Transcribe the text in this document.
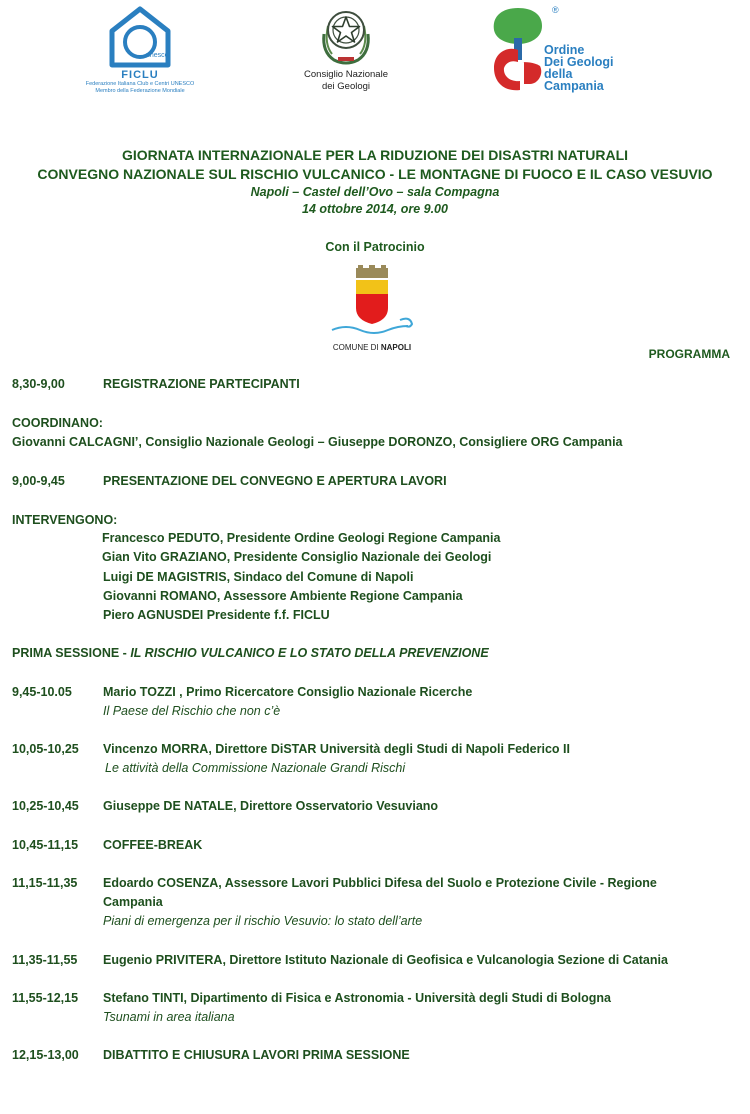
unesco
FICLU
Federazione Italiana Club e Centri UNESCO
Membro della Federazione Mondiale
Consiglio Nazionale
dei Geologi
®
Ordine
Dei Geologi
della
Campania
GIORNATA INTERNAZIONALE PER LA RIDUZIONE DEI DISASTRI NATURALI
CONVEGNO NAZIONALE SUL RISCHIO VULCANICO - LE MONTAGNE DI FUOCO E IL CASO VESUVIO
Napoli – Castel dell’Ovo – sala Compagna
14 ottobre 2014, ore 9.00
Con il Patrocinio
COMUNE DI NAPOLI	PROGRAMMA
8,30-9,00	REGISTRAZIONE PARTECIPANTI
COORDINANO:
Giovanni CALCAGNI’, Consiglio Nazionale Geologi – Giuseppe DORONZO, Consigliere ORG Campania
9,00-9,45	PRESENTAZIONE DEL CONVEGNO E APERTURA LAVORI
INTERVENGONO:
Francesco PEDUTO, Presidente Ordine Geologi Regione Campania
Gian Vito GRAZIANO, Presidente Consiglio Nazionale dei Geologi
Luigi DE MAGISTRIS, Sindaco del Comune di Napoli
Giovanni ROMANO, Assessore Ambiente Regione Campania
Piero AGNUSDEI Presidente f.f. FICLU
PRIMA SESSIONE - IL RISCHIO VULCANICO E LO STATO DELLA PREVENZIONE
9,45-10.05 Mario TOZZI , Primo Ricercatore Consiglio Nazionale Ricerche
Il Paese del Rischio che non c’è
10,05-10,25 Vincenzo MORRA, Direttore DiSTAR Università degli Studi di Napoli Federico II
Le attività della Commissione Nazionale Grandi Rischi
10,25-10,45 Giuseppe DE NATALE, Direttore Osservatorio Vesuviano
10,45-11,15 COFFEE-BREAK
11,15-11,35 Edoardo COSENZA, Assessore Lavori Pubblici Difesa del Suolo e Protezione Civile - Regione
Campania
Piani di emergenza per il rischio Vesuvio: lo stato dell’arte
11,35-11,55 Eugenio PRIVITERA, Direttore Istituto Nazionale di Geofisica e Vulcanologia Sezione di Catania
11,55-12,15 Stefano TINTI, Dipartimento di Fisica e Astronomia - Università degli Studi di Bologna
Tsunami in area italiana
12,15-13,00 DIBATTITO E CHIUSURA LAVORI PRIMA SESSIONE
